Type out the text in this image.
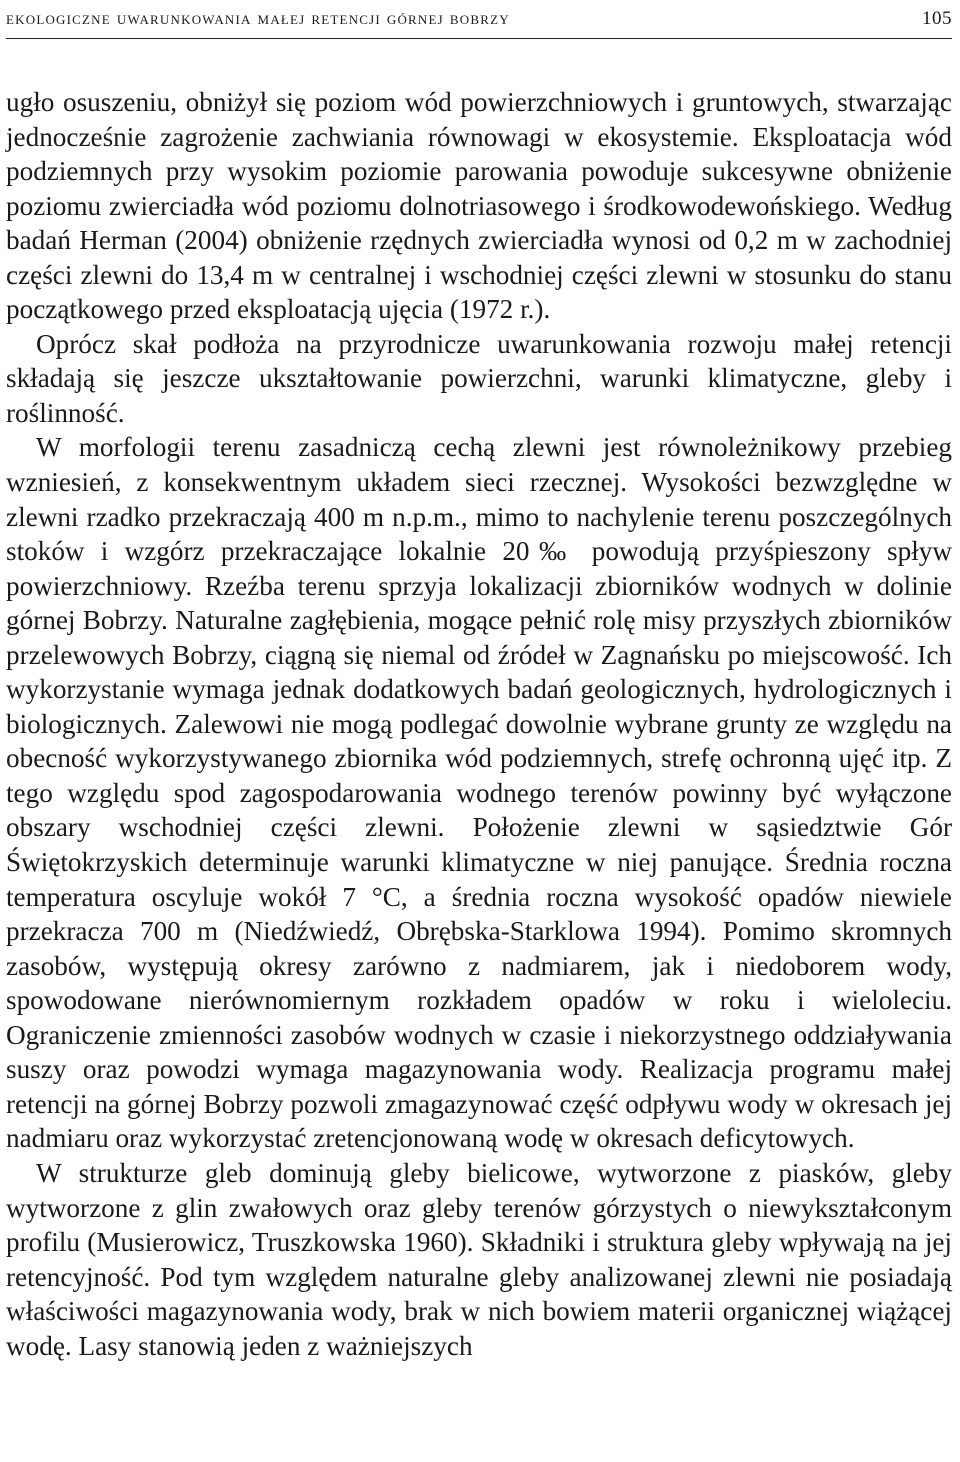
ekologiczne uwarunkowania małej retencji górnej bobrzy	105

ugło osuszeniu, obniżył się poziom wód powierzchniowych i gruntowych, stwarzając jednocześnie zagrożenie zachwiania równowagi w ekosystemie. Eksploatacja wód podziemnych przy wysokim poziomie parowania powoduje sukcesywne obniżenie poziomu zwierciadła wód poziomu dolnotriasowego i środkowodewońskiego. Według badań Herman (2004) obniżenie rzędnych zwierciadła wynosi od 0,2 m w zachodniej części zlewni do 13,4 m w centralnej i wschodniej części zlewni w stosunku do stanu początkowego przed eksploatacją ujęcia (1972 r.).

Oprócz skał podłoża na przyrodnicze uwarunkowania rozwoju małej retencji składają się jeszcze ukształtowanie powierzchni, warunki klimatyczne, gleby i roślinność.

W morfologii terenu zasadniczą cechą zlewni jest równoleżnikowy przebieg wzniesień, z konsekwentnym układem sieci rzecznej. Wysokości bezwzględne w zlewni rzadko przekraczają 400 m n.p.m., mimo to nachylenie terenu poszczególnych stoków i wzgórz przekraczające lokalnie 20‰ powodują przyśpieszony spływ powierzchniowy. Rzeźba terenu sprzyja lokalizacji zbiorników wodnych w dolinie górnej Bobrzy. Naturalne zagłębienia, mogące pełnić rolę misy przyszłych zbiorników przelewowych Bobrzy, ciągną się niemal od źródeł w Zagnańsku po miejscowość. Ich wykorzystanie wymaga jednak dodatkowych badań geologicznych, hydrologicznych i biologicznych. Zalewowi nie mogą podlegać dowolnie wybrane grunty ze względu na obecność wykorzystywanego zbiornika wód podziemnych, strefę ochronną ujęć itp. Z tego względu spod zagospodarowania wodnego terenów powinny być wyłączone obszary wschodniej części zlewni. Położenie zlewni w sąsiedztwie Gór Świętokrzyskich determinuje warunki klimatyczne w niej panujące. Średnia roczna temperatura oscyluje wokół 7 °C, a średnia roczna wysokość opadów niewiele przekracza 700 m (Niedźwiedź, Obrębska-Starklowa 1994). Pomimo skromnych zasobów, występują okresy zarówno z nadmiarem, jak i niedoborem wody, spowodowane nierównomiernym rozkładem opadów w roku i wieloleciu. Ograniczenie zmienności zasobów wodnych w czasie i niekorzystnego oddziaływania suszy oraz powodzi wymaga magazynowania wody. Realizacja programu małej retencji na górnej Bobrzy pozwoli zmagazynować część odpływu wody w okresach jej nadmiaru oraz wykorzystać zretencjonowaną wodę w okresach deficytowych.

W strukturze gleb dominują gleby bielicowe, wytworzone z piasków, gleby wytworzone z glin zwałowych oraz gleby terenów górzystych o niewykształconym profilu (Musierowicz, Truszkowska 1960). Składniki i struktura gleby wpływają na jej retencyjność. Pod tym względem naturalne gleby analizowanej zlewni nie posiadają właściwości magazynowania wody, brak w nich bowiem materii organicznej wiążącej wodę. Lasy stanowią jeden z ważniejszych
